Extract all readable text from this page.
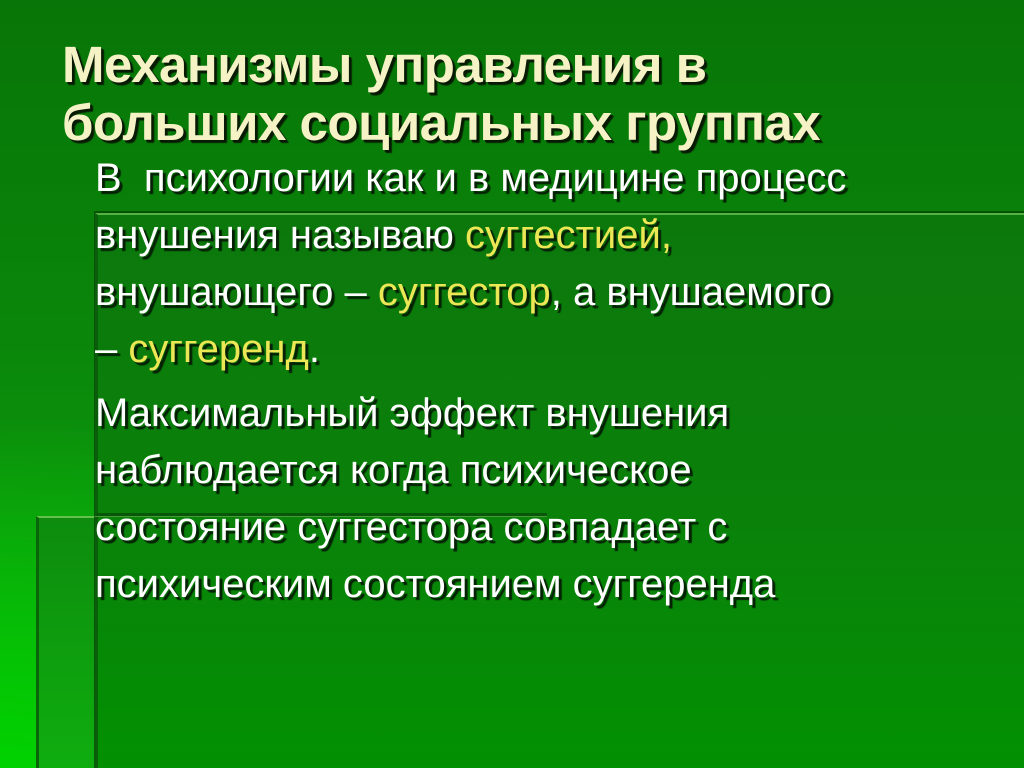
Механизмы управления в
больших социальных группах
В  психологии как и в медицине процесс
внушения называю суггестией,
внушающего – суггестор, а внушаемого
– суггеренд.
Максимальный эффект внушения
наблюдается когда психическое
состояние суггестора совпадает с
психическим состоянием суггеренда
